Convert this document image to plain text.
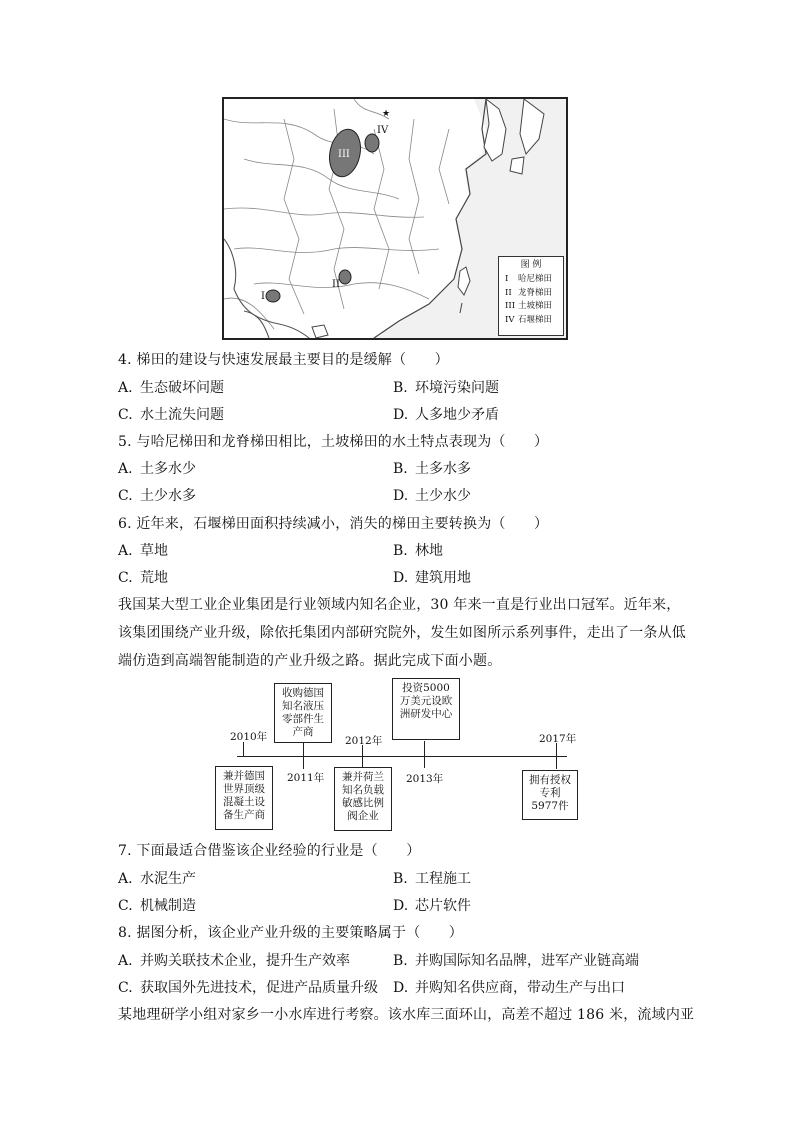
III
IV
II
I
★
图 例
I 哈尼梯田
II 龙脊梯田
III 土坡梯田
IV 石堰梯田
4. 梯田的建设与快速发展最主要目的是缓解（　　）
A. 生态破坏问题	B. 环境污染问题
C. 水土流失问题	D. 人多地少矛盾
5. 与哈尼梯田和龙脊梯田相比，土坡梯田的水土特点表现为（　　）
A. 土多水少	B. 土多水多
C. 土少水多	D. 土少水少
6. 近年来，石堰梯田面积持续减小，消失的梯田主要转换为（　　）
A. 草地	B. 林地
C. 荒地	D. 建筑用地
我国某大型工业企业集团是行业领域内知名企业，30 年来一直是行业出口冠军。近年来，
该集团围绕产业升级，除依托集团内部研究院外，发生如图所示系列事件，走出了一条从低
端仿造到高端智能制造的产业升级之路。据此完成下面小题。
2010年
2011年
2012年
2013年
2017年
兼并德国世界顶级混凝土设备生产商
收购德国知名液压零部件生产商
兼并荷兰知名负载敏感比例阀企业
投资5000万美元设欧洲研发中心
拥有授权专利5977件
7. 下面最适合借鉴该企业经验的行业是（　　）
A. 水泥生产	B. 工程施工
C. 机械制造	D. 芯片软件
8. 据图分析，该企业产业升级的主要策略属于（　　）
A. 并购关联技术企业，提升生产效率	B. 并购国际知名品牌，进军产业链高端
C. 获取国外先进技术，促进产品质量升级 D. 并购知名供应商，带动生产与出口
某地理研学小组对家乡一小水库进行考察。该水库三面环山，高差不超过 186 米，流域内亚
